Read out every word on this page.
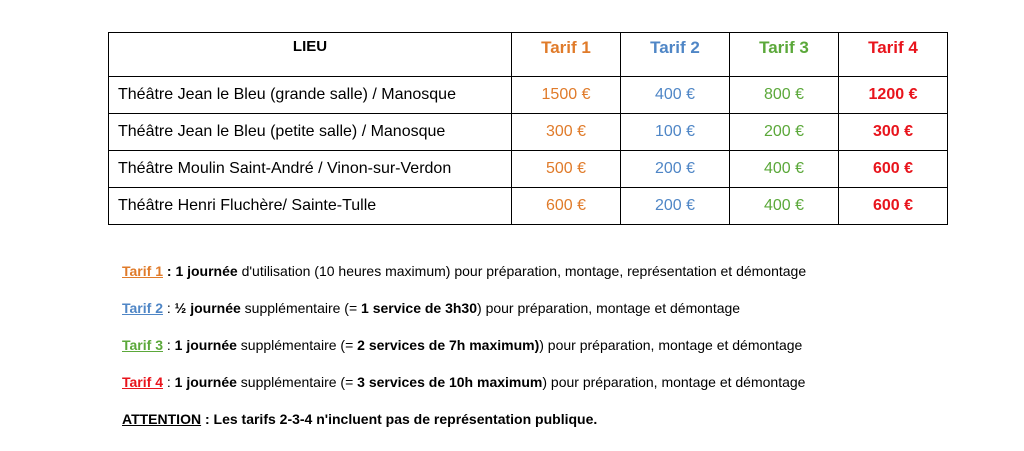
LIEU	Tarif 1	Tarif 2	Tarif 3	Tarif 4
Théâtre Jean le Bleu (grande salle) / Manosque	1500 €	400 €	800 €	1200 €
Théâtre Jean le Bleu (petite salle) / Manosque	300 €	100 €	200 €	300 €
Théâtre Moulin Saint-André / Vinon-sur-Verdon	500 €	200 €	400 €	600 €
Théâtre Henri Fluchère/ Sainte-Tulle	600 €	200 €	400 €	600 €
Tarif 1 : 1 journée d'utilisation (10 heures maximum) pour préparation, montage, représentation et démontage
Tarif 2 : ½ journée supplémentaire (= 1 service de 3h30) pour préparation, montage et démontage
Tarif 3 : 1 journée supplémentaire (= 2 services de 7h maximum)) pour préparation, montage et démontage
Tarif 4 : 1 journée supplémentaire (= 3 services de 10h maximum) pour préparation, montage et démontage
ATTENTION : Les tarifs 2-3-4 n'incluent pas de représentation publique.
